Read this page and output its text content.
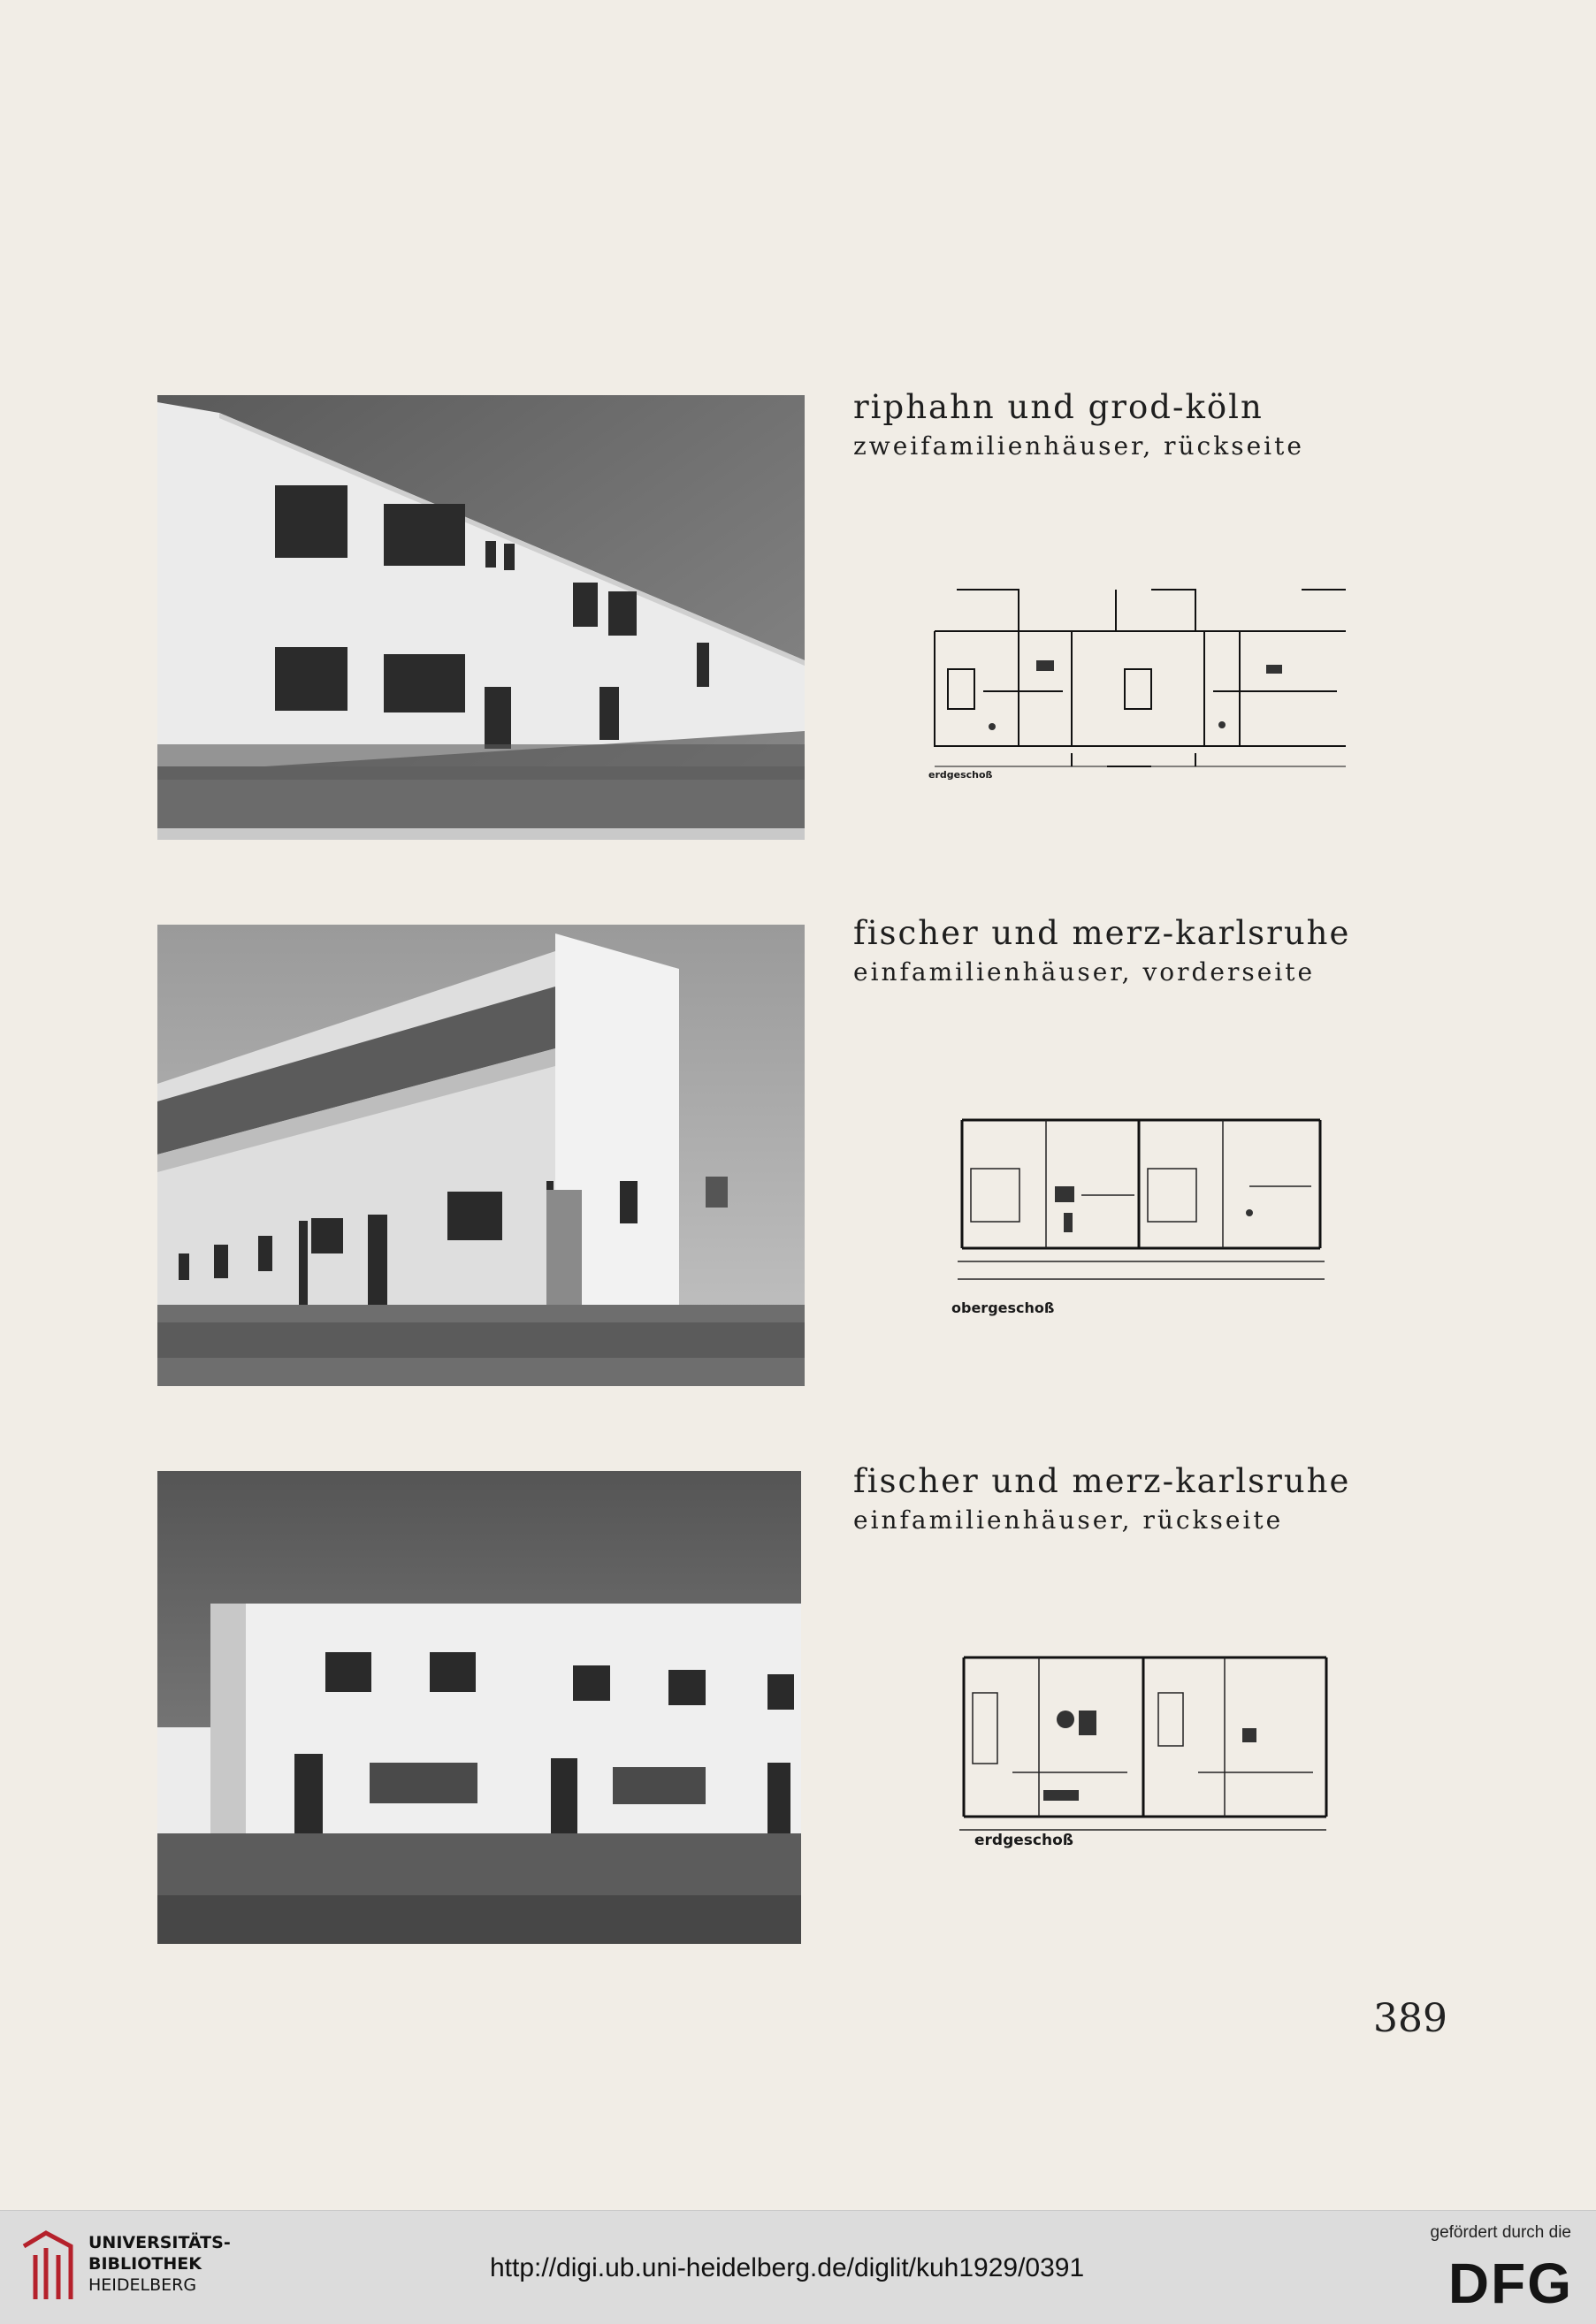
riphahn und grod-köln
zweifamilienhäuser, rückseite
erdgeschoß
fischer und merz-karlsruhe
einfamilienhäuser, vorderseite
obergeschoß
fischer und merz-karlsruhe
einfamilienhäuser, rückseite
erdgeschoß
389
UNIVERSITÄTS-
BIBLIOTHEK
HEIDELBERG
http://digi.ub.uni-heidelberg.de/diglit/kuh1929/0391
gefördert durch die
DFG
